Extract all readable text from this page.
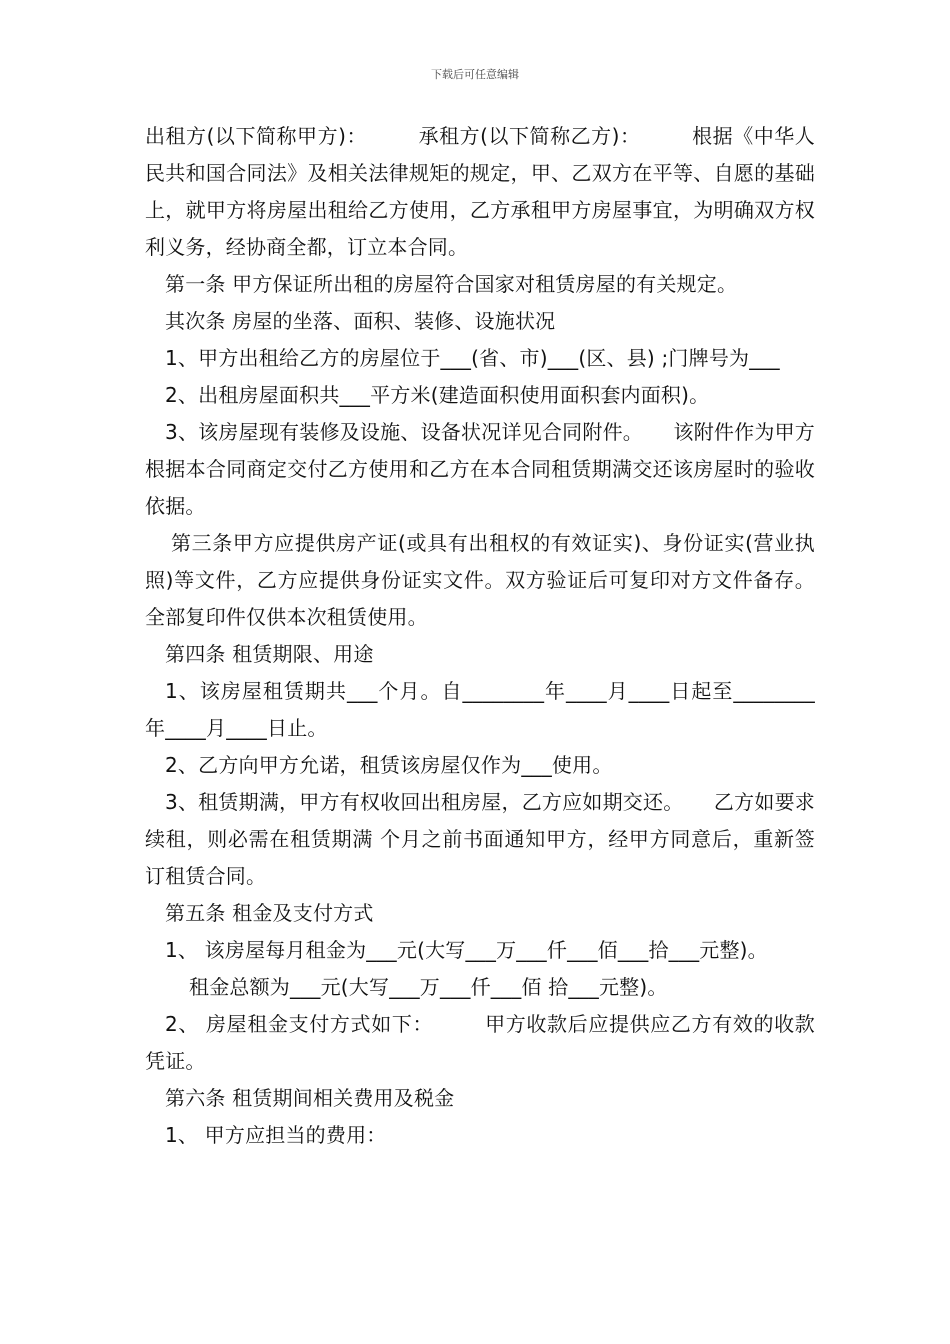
下载后可任意编辑

出租方(以下简称甲方)：　　　承租方(以下简称乙方)：　　　根据《中华人民共和国合同法》及相关法律规矩的规定，甲、乙双方在平等、自愿的基础上，就甲方将房屋出租给乙方使用，乙方承租甲方房屋事宜，为明确双方权利义务，经协商全都，订立本合同。

第一条 甲方保证所出租的房屋符合国家对租赁房屋的有关规定。

其次条 房屋的坐落、面积、装修、设施状况

1、甲方出租给乙方的房屋位于___(省、市)___(区、县) ;门牌号为___

2、出租房屋面积共___平方米(建造面积使用面积套内面积)。

3、该房屋现有装修及设施、设备状况详见合同附件。　　该附件作为甲方根据本合同商定交付乙方使用和乙方在本合同租赁期满交还该房屋时的验收依据。

第三条甲方应提供房产证(或具有出租权的有效证实)、身份证实(营业执照)等文件，乙方应提供身份证实文件。双方验证后可复印对方文件备存。全部复印件仅供本次租赁使用。

第四条 租赁期限、用途

1、该房屋租赁期共___个月。自________年____月____日起至________年____月____日止。

2、乙方向甲方允诺，租赁该房屋仅作为___使用。

3、租赁期满，甲方有权收回出租房屋，乙方应如期交还。　　乙方如要求续租，则必需在租赁期满 个月之前书面通知甲方，经甲方同意后，重新签订租赁合同。

第五条 租金及支付方式

1、 该房屋每月租金为___元(大写___万___仟___佰___拾___元整)。

租金总额为___元(大写___万___仟___佰 拾___元整)。

2、 房屋租金支付方式如下：　　　甲方收款后应提供应乙方有效的收款凭证。

第六条 租赁期间相关费用及税金

1、 甲方应担当的费用：
